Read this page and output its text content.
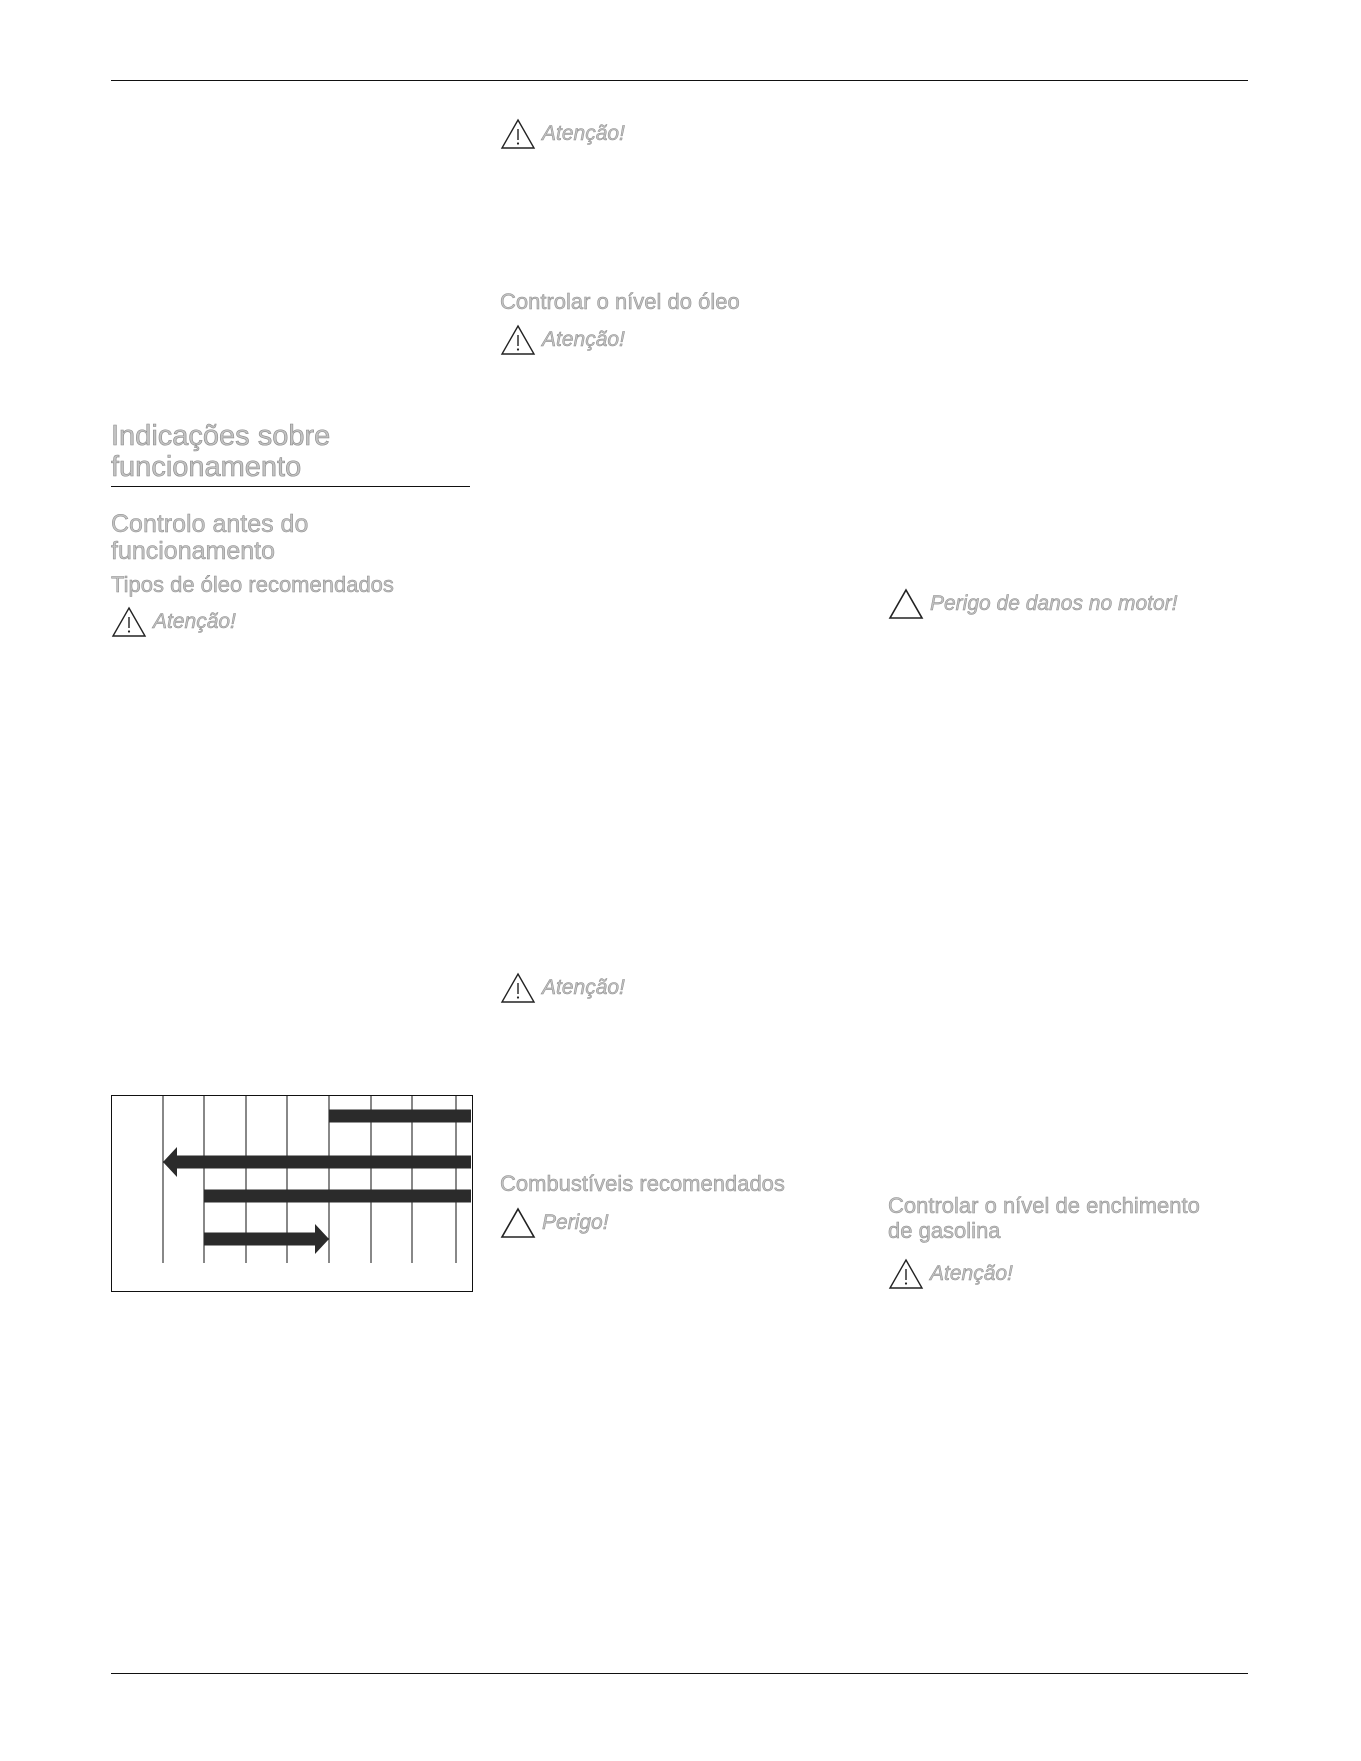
Indicações sobre
funcionamento
Controlo antes do
funcionamento
Tipos de óleo recomendados
Atenção!
Atenção!
Controlar o nível do óleo
Atenção!
Atenção!
Combustíveis recomendados
Perigo!
Perigo de danos no motor!
Controlar o nível de enchimento
de gasolina
Atenção!
